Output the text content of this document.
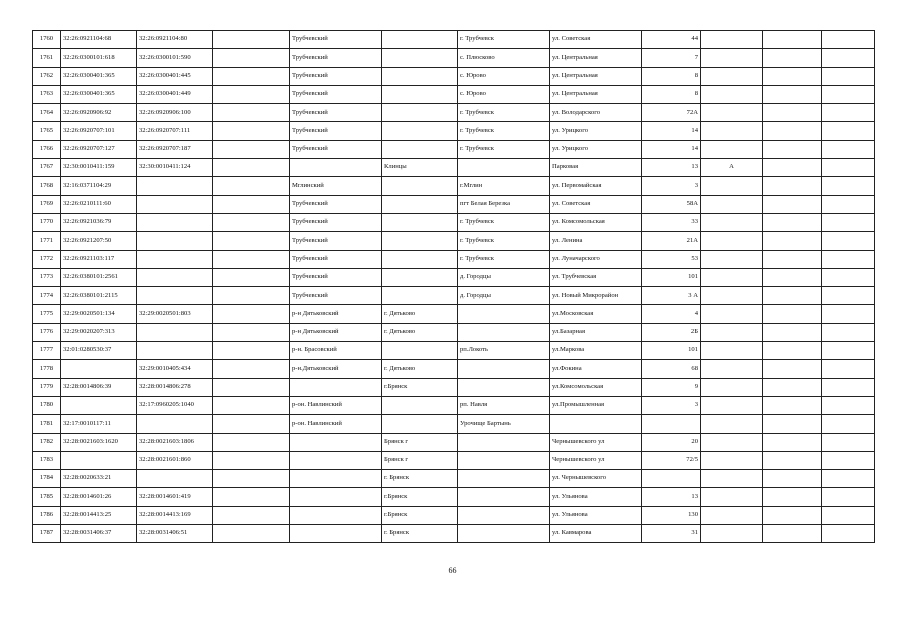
1760	32:26:0921104:68	32:26:0921104:80		Трубчевский		г. Трубчевск	ул. Советская	44			
1761	32:26:0300101:618	32:26:0300101:590		Трубчевский		с. Плюсково	ул. Центральная	7			
1762	32:26:0300401:365	32:26:0300401:445		Трубчевский		с. Юрово	ул. Центральная	8			
1763	32:26:0300401:365	32:26:0300401:449		Трубчевский		с. Юрово	ул. Центральная	8			
1764	32:26:0920906:92	32:26:0920906:100		Трубчевский		г. Трубчевск	ул. Володарского	72А			
1765	32:26:0920707:101	32:26:0920707:111		Трубчевский		г. Трубчевск	ул. Урицкого	14			
1766	32:26:0920707:127	32:26:0920707:187		Трубчевский		г. Трубчевск	ул. Урицкого	14			
1767	32:30:0010411:159	32:30:0010411:124			Клинцы		Парковая	13	А		
1768	32:16:0371104:29			Мглинский		г.Мглин	ул. Первомайская	3			
1769	32:26:0210111:60			Трубчевский		пгт Белая Березка	ул. Советская	58А			
1770	32:26:0921036:79			Трубчевский		г. Трубчевск	ул. Комсомольская	33			
1771	32:26:0921207:50			Трубчевский		г. Трубчевск	ул. Ленина	21А			
1772	32:26:0921103:117			Трубчевский		г. Трубчевск	ул. Луначарского	53			
1773	32:26:0380101:2561			Трубчевский		д. Городцы	ул. Трубчевская	101			
1774	32:26:0380101:2115			Трубчевский		д. Городцы	ул. Новый Микрорайон	3 А			
1775	32:29:0020501:134	32:29:0020501:803		р-н Дятьковский	г. Дятьково		ул.Московская	4			
1776	32:29:0020207:313			р-н Дятьковский	г. Дятьково		ул.Базарная	2Б			
1777	32:01:0280530:37			р-н. Брасовский		рп.Локоть	ул.Маркова	101			
1778		32:29:0010405:434		р-н.Дятьковский	г. Дятьково		ул.Фокина	68			
1779	32:28:0014806:39	32:28:0014806:278			г.Брянск		ул.Комсомольская	9			
1780		32:17:0960205:1040		р-он. Навлинский		рп. Навля	ул.Промышленная	3			
1781	32:17:0010117:11			р-он. Навлинский		Урочище Бартынь					
1782	32:28:0021603:1620	32:28:0021603:1806			Брянск г		Чернышевского ул	20			
1783		32:28:0021601:860			Брянск г		Чернышевского ул	72/5			
1784	32:28:0020633:21				г. Брянск		ул. Чернышевского				
1785	32:28:0014601:26	32:28:0014601:419			г.Брянск		ул. Ульянова	13			
1786	32:28:0014413:25	32:28:0014413:169			г.Брянск		ул. Ульянова	130			
1787	32:28:0031406:37	32:28:0031406:51			г. Брянск		ул. Кавмарова	31			
66
